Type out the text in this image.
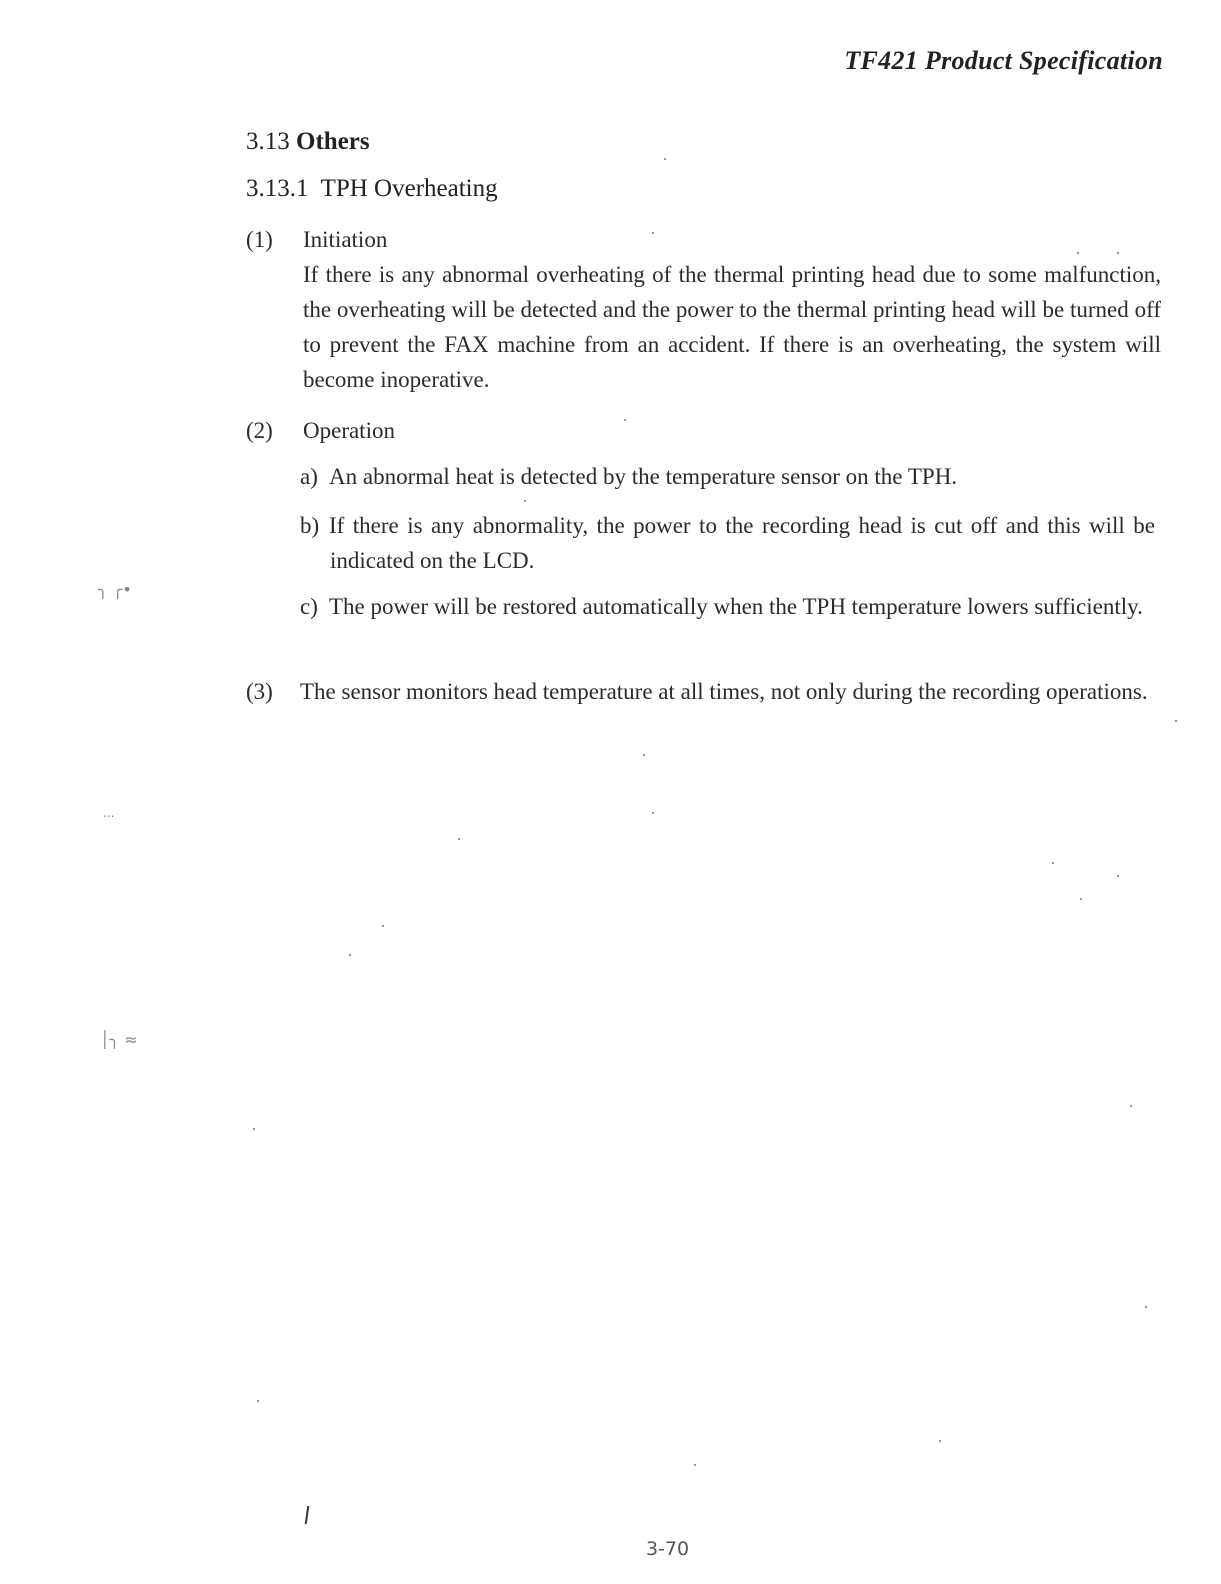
TF421 Product Specification
3.13 Others
3.13.1 TPH Overheating
(1)	Initiation
If there is any abnormal overheating of the thermal printing head due to some malfunction, the overheating will be detected and the power to the thermal printing head will be turned off to prevent the FAX machine from an accident. If there is an overheating, the system will become inoperative.
(2)	Operation
a) An abnormal heat is detected by the temperature sensor on the TPH.
b) If there is any abnormality, the power to the recording head is cut off and this will be indicated on the LCD.
c) The power will be restored automatically when the TPH temperature lowers sufficiently.
(3)	The sensor monitors head temperature at all times, not only during the recording operations.
╮ ╭•
‧‧‧
│╮ ≈
3-70
